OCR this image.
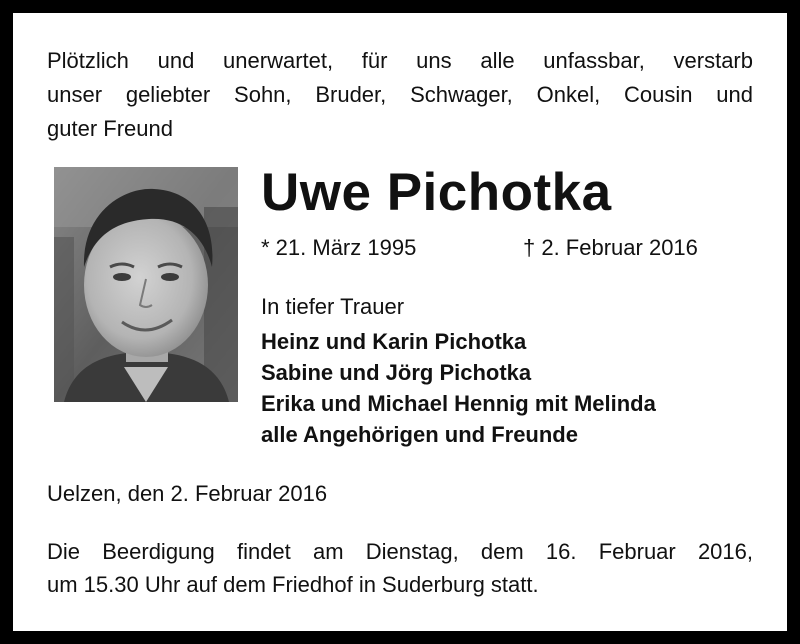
Plötzlich und unerwartet, für uns alle unfassbar, verstarb
unser geliebter Sohn, Bruder, Schwager, Onkel, Cousin und
guter Freund
Uwe Pichotka
* 21. März 1995	† 2. Februar 2016
In tiefer Trauer
Heinz und Karin Pichotka
Sabine und Jörg Pichotka
Erika und Michael Hennig mit Melinda
alle Angehörigen und Freunde
Uelzen, den 2. Februar 2016
Die Beerdigung findet am Dienstag, dem 16. Februar 2016,
um 15.30 Uhr auf dem Friedhof in Suderburg statt.
